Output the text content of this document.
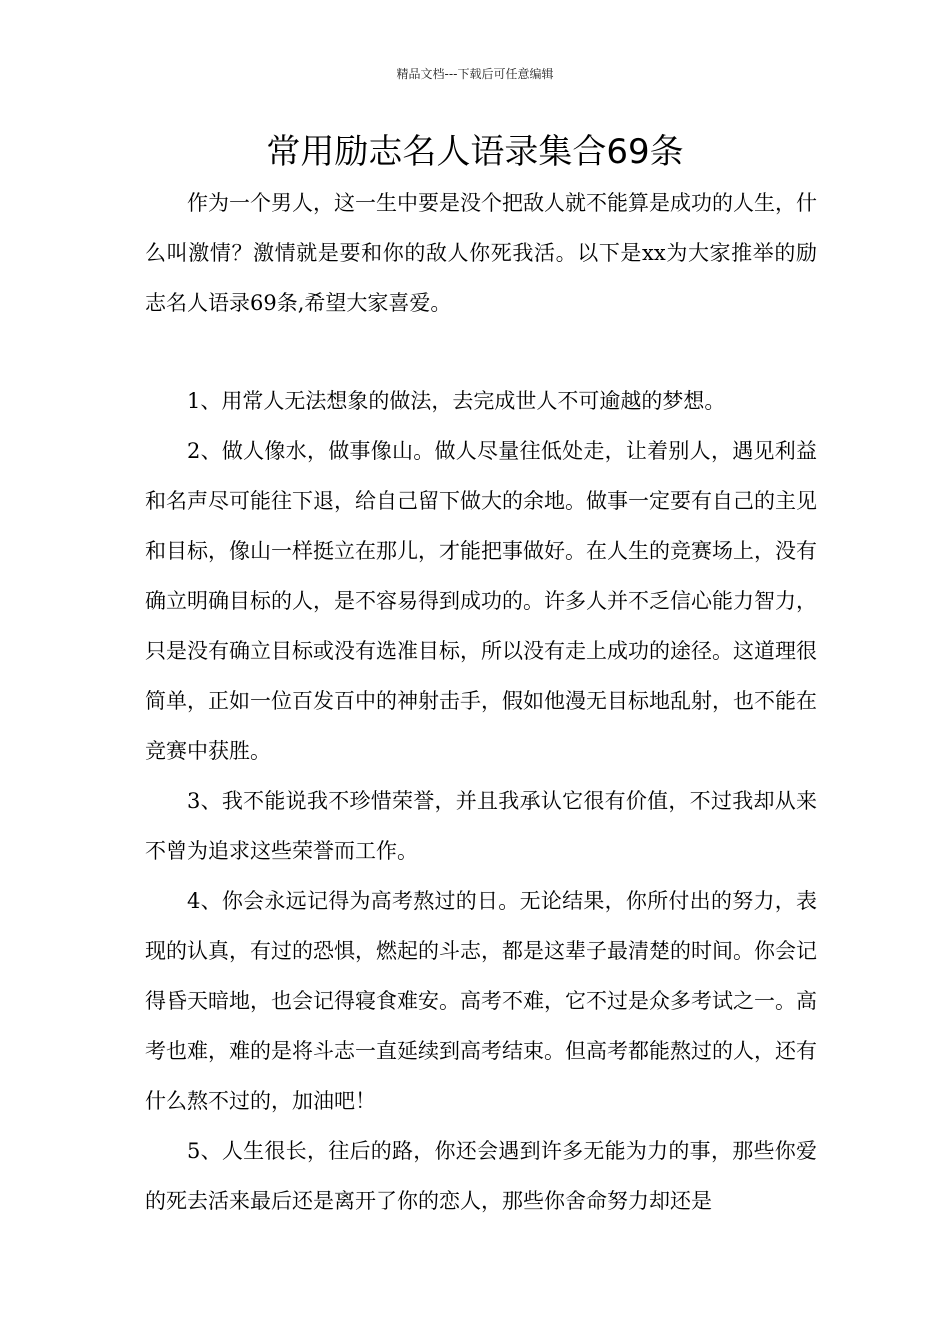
精品文档---下载后可任意编辑
常用励志名人语录集合69条

作为一个男人，这一生中要是没个把敌人就不能算是成功的人生，什么叫激情？激情就是要和你的敌人你死我活。以下是xx为大家推举的励志名人语录69条,希望大家喜爱。

1、用常人无法想象的做法，去完成世人不可逾越的梦想。

2、做人像水，做事像山。做人尽量往低处走，让着别人，遇见利益和名声尽可能往下退，给自己留下做大的余地。做事一定要有自己的主见和目标，像山一样挺立在那儿，才能把事做好。在人生的竞赛场上，没有确立明确目标的人，是不容易得到成功的。许多人并不乏信心能力智力，只是没有确立目标或没有选准目标，所以没有走上成功的途径。这道理很简单，正如一位百发百中的神射击手，假如他漫无目标地乱射，也不能在竞赛中获胜。

3、我不能说我不珍惜荣誉，并且我承认它很有价值，不过我却从来不曾为追求这些荣誉而工作。

4、你会永远记得为高考熬过的日。无论结果，你所付出的努力，表现的认真，有过的恐惧，燃起的斗志，都是这辈子最清楚的时间。你会记得昏天暗地，也会记得寝食难安。高考不难，它不过是众多考试之一。高考也难，难的是将斗志一直延续到高考结束。但高考都能熬过的人，还有什么熬不过的，加油吧！

5、人生很长，往后的路，你还会遇到许多无能为力的事，那些你爱的死去活来最后还是离开了你的恋人，那些你舍命努力却还是
